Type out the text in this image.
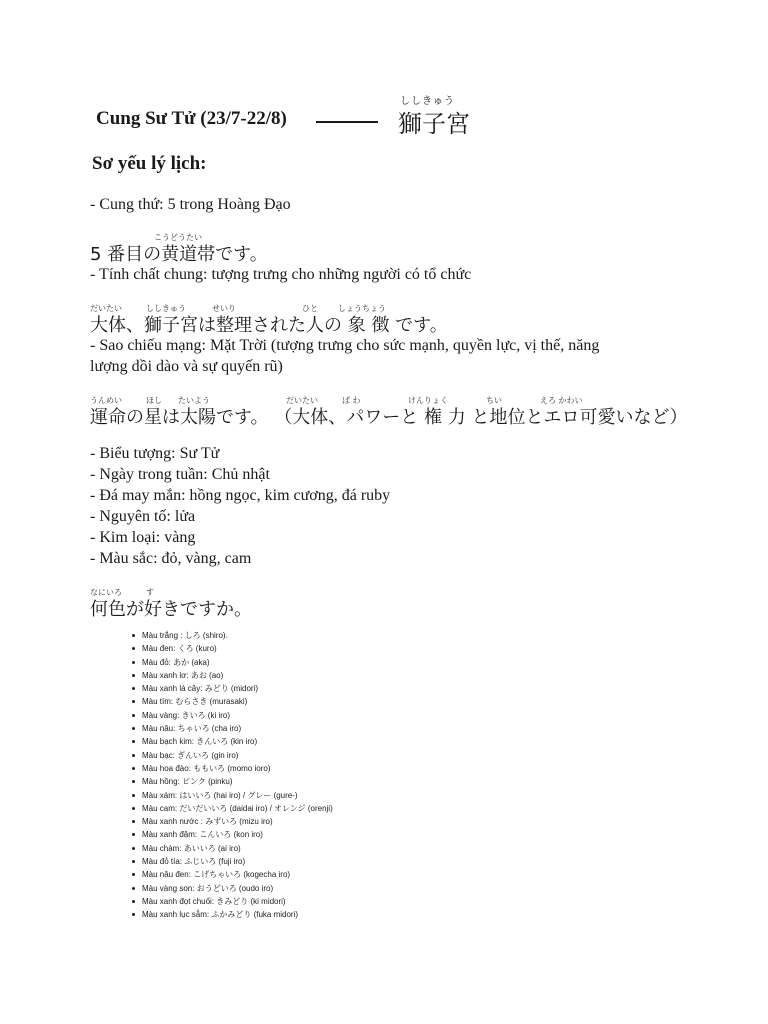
Cung Sư Tử (23/7-22/8)
ししきゅう
獅子宮
Sơ yếu lý lịch:
- Cung thứ: 5 trong Hoàng Đạo
こうどうたい
5 番目の黄道帯です。
- Tính chất chung: tượng trưng cho những người có tổ chức
だいたい	ししきゅう	せいり	ひと	しょうちょう
大体、獅子宮は整理された人の 象 徴 です。
- Sao chiếu mạng: Mặt Trời (tượng trưng cho sức mạnh, quyền lực, vị thế, năng
lượng dồi dào và sự quyến rũ)
うんめい	ほし たいよう	だいたい	ば わ	けんりょく	ちい	えろ かわい
運命の星は太陽です。 （大体、パワーと 権 力 と地位とエロ可愛いなど）
- Biểu tượng: Sư Tử
- Ngày trong tuần: Chủ nhật
- Đá may mắn: hồng ngọc, kim cương, đá ruby
- Nguyên tố: lửa
- Kim loại: vàng
- Màu sắc: đỏ, vàng, cam
なにいろ	す
何色が好きですか。
Màu trắng : しろ (shiro).
Màu đen: くろ (kuro)
Màu đỏ: あか (aka)
Màu xanh lơ: あお (ao)
Màu xanh lá cây: みどり (midori)
Màu tím: むらさき (murasaki)
Màu vàng: きいろ (ki iro)
Màu nâu: ちゃいろ (cha iro)
Màu bạch kim: きんいろ (kin iro)
Màu bạc: ぎんいろ (gin iro)
Màu hoa đào: ももいろ (momo ioro)
Màu hồng: ピンク (pinku)
Màu xám: はいいろ (hai iro) / グレー (gure-)
Màu cam: だいだいいろ (daidai iro) / オレンジ (orenji)
Màu xanh nước : みずいろ (mizu iro)
Màu xanh đậm: こんいろ (kon iro)
Màu chàm: あいいろ (ai iro)
Màu đỏ tía: ふじいろ (fuji iro)
Màu nâu đen: こげちゃいろ (kogecha iro)
Màu vàng son: おうどいろ (oudo iro)
Màu xanh đọt chuối: きみどり (ki midori)
Màu xanh lục sẫm: ふかみどり (fuka midori)
